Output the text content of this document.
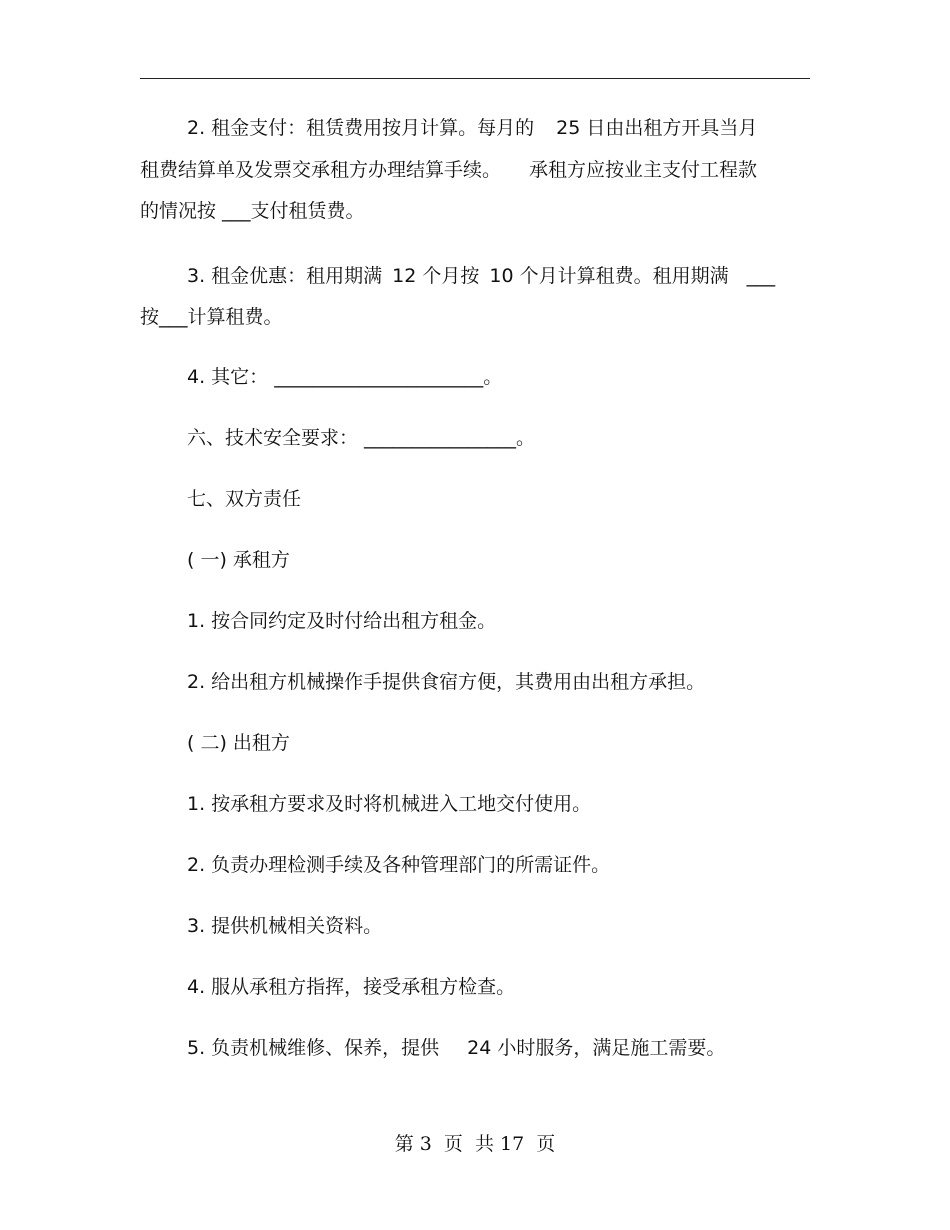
2. 租金支付：租赁费用按月计算。每月的 25 日由出租方开具当月
租费结算单及发票交承租方办理结算手续。 承租方应按业主支付工程款
的情况按 ___支付租赁费。
3. 租金优惠：租用期满 12 个月按 10 个月计算租费。租用期满 ___
按___计算租费。
4. 其它： ______________________。
六、技术安全要求： ________________。
七、双方责任
( 一) 承租方
1. 按合同约定及时付给出租方租金。
2. 给出租方机械操作手提供食宿方便，其费用由出租方承担。
( 二) 出租方
1. 按承租方要求及时将机械进入工地交付使用。
2. 负责办理检测手续及各种管理部门的所需证件。
3. 提供机械相关资料。
4. 服从承租方指挥，接受承租方检查。
5. 负责机械维修、保养，提供 24 小时服务，满足施工需要。
第 3  页  共 17  页
